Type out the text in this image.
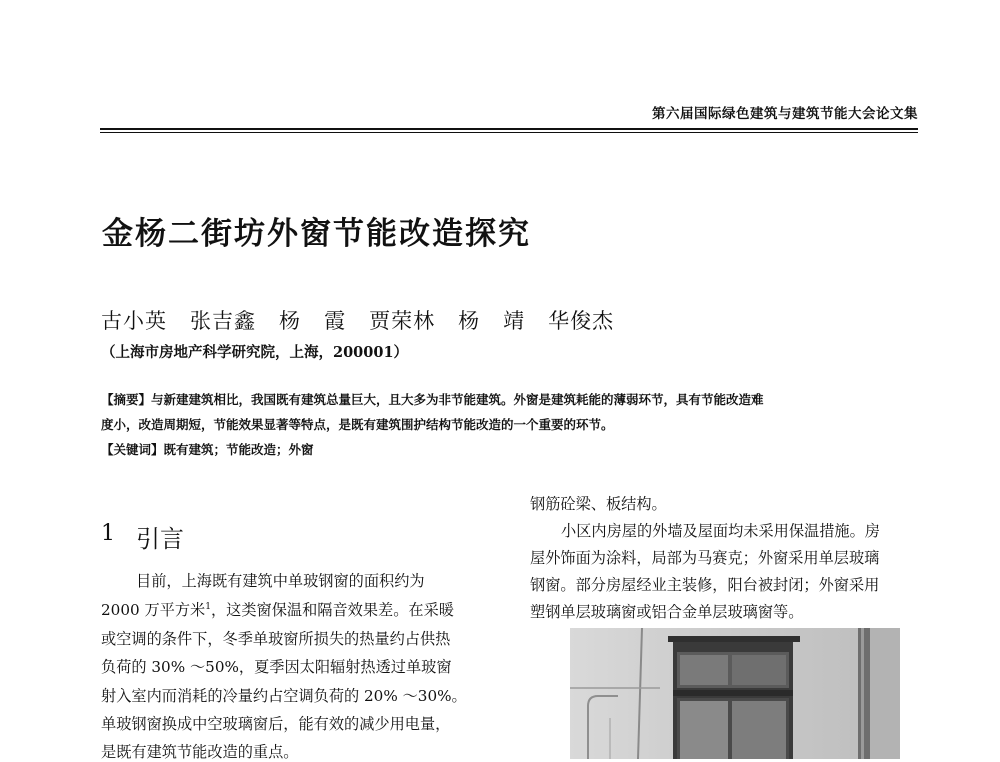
第六届国际绿色建筑与建筑节能大会论文集
金杨二街坊外窗节能改造探究
古小英   张吉鑫   杨   霞   贾荣林   杨   靖   华俊杰
（上海市房地产科学研究院，上海，200001）
【摘要】与新建建筑相比，我国既有建筑总量巨大，且大多为非节能建筑。外窗是建筑耗能的薄弱环节，具有节能改造难
度小，改造周期短，节能效果显著等特点，是既有建筑围护结构节能改造的一个重要的环节。
【关键词】既有建筑；节能改造；外窗
1 引言
目前，上海既有建筑中单玻钢窗的面积约为
2000 万平方米$^1$，这类窗保温和隔音效果差。在采暖
或空调的条件下，冬季单玻窗所损失的热量约占供热
负荷的 30% ～50%，夏季因太阳辐射热透过单玻窗
射入室内而消耗的冷量约占空调负荷的 20% ～30%。
单玻钢窗换成中空玻璃窗后，能有效的减少用电量，
是既有建筑节能改造的重点。
钢筋砼梁、板结构。
小区内房屋的外墙及屋面均未采用保温措施。房
屋外饰面为涂料，局部为马赛克；外窗采用单层玻璃
钢窗。部分房屋经业主装修，阳台被封闭；外窗采用
塑钢单层玻璃窗或铝合金单层玻璃窗等。
